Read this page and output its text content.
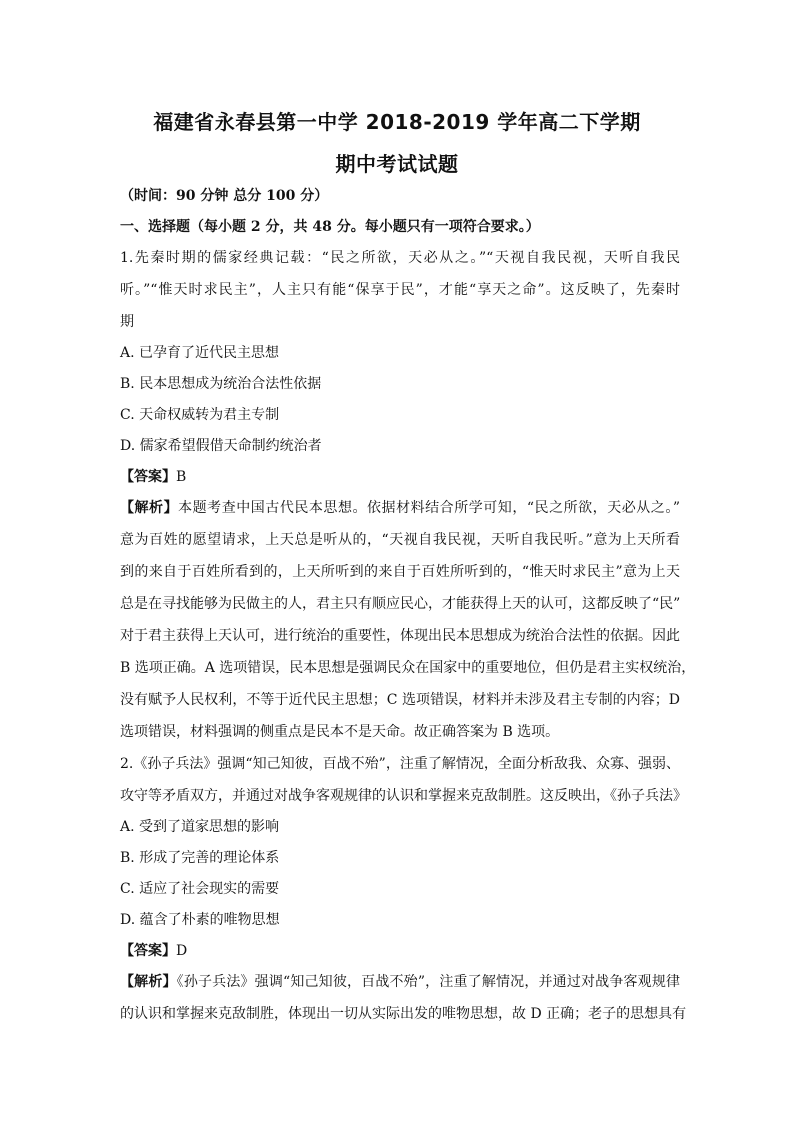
福建省永春县第一中学 2018-2019 学年高二下学期
期中考试试题
（时间：90 分钟 总分 100 分）
一、选择题（每小题 2 分，共 48 分。每小题只有一项符合要求。）
1.先秦时期的儒家经典记载：“民之所欲，天必从之。”“天视自我民视，天听自我民
听。”“惟天时求民主”，人主只有能“保享于民”，才能“享天之命”。这反映了，先秦时
期
A. 已孕育了近代民主思想
B. 民本思想成为统治合法性依据
C. 天命权威转为君主专制
D. 儒家希望假借天命制约统治者
【答案】B
【解析】本题考查中国古代民本思想。依据材料结合所学可知，“民之所欲，天必从之。”
意为百姓的愿望请求，上天总是听从的，“天视自我民视，天听自我民听。”意为上天所看
到的来自于百姓所看到的，上天所听到的来自于百姓所听到的，“惟天时求民主”意为上天
总是在寻找能够为民做主的人，君主只有顺应民心，才能获得上天的认可，这都反映了“民”
对于君主获得上天认可，进行统治的重要性，体现出民本思想成为统治合法性的依据。因此
B 选项正确。A 选项错误，民本思想是强调民众在国家中的重要地位，但仍是君主实权统治，
没有赋予人民权利，不等于近代民主思想；C 选项错误，材料并未涉及君主专制的内容；D
选项错误，材料强调的侧重点是民本不是天命。故正确答案为 B 选项。
2.《孙子兵法》强调“知己知彼，百战不殆”，注重了解情况，全面分析敌我、众寡、强弱、
攻守等矛盾双方，并通过对战争客观规律的认识和掌握来克敌制胜。这反映出，《孙子兵法》
A. 受到了道家思想的影响
B. 形成了完善的理论体系
C. 适应了社会现实的需要
D. 蕴含了朴素的唯物思想
【答案】D
【解析】《孙子兵法》强调“知己知彼，百战不殆”，注重了解情况，并通过对战争客观规律
的认识和掌握来克敌制胜，体现出一切从实际出发的唯物思想，故 D 正确；老子的思想具有
